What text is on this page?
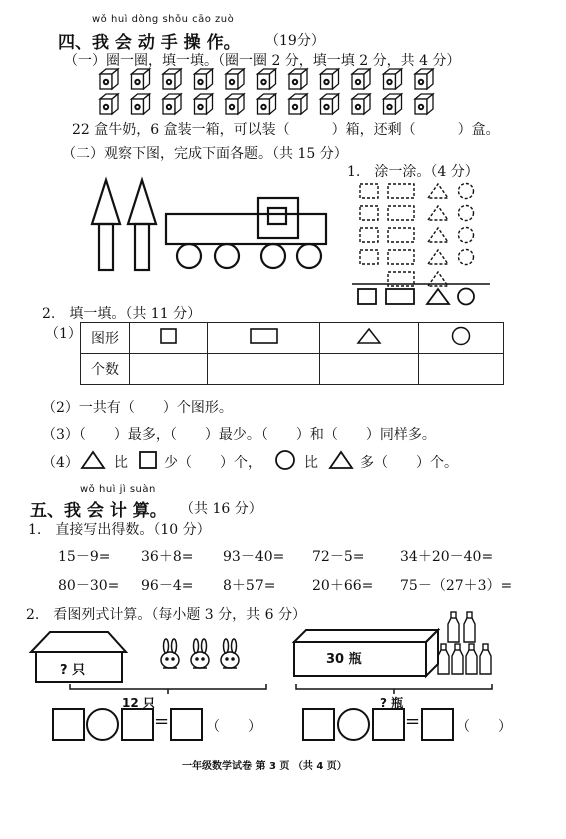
wǒ huì dòng shǒu cāo zuò
四、我 会 动 手 操 作。 （19分）
（一）圈一圈，填一填。（圈一圈 2 分，填一填 2 分，共 4 分）
22 盒牛奶，6 盒装一箱，可以装（　　　）箱，还剩（　　　）盒。
（二）观察下图，完成下面各题。（共 15 分）
1.　涂一涂。（4 分）
2.　填一填。（共 11 分）
（1） 图形				
个数				
（2）一共有（　　）个图形。
（3）（　　）最多，（　　）最少。（　　）和（　　）同样多。
（4）	比	少（　　）个，	比	多（　　）个。
wǒ huì jì suàn
五、我 会 计 算。 （共 16 分）
1.　直接写出得数。（10 分）
15－9= 36＋8= 93－40= 72－5=	34＋20－40=
80－30= 96－4= 8＋57=	20＋66= 75－（27＋3）=
2.　看图列式计算。（每小题 3 分，共 6 分）
? 只
12 只
=	（　　）
30 瓶
? 瓶
=	（　　）
一年级数学试卷 第 3 页 （共 4 页）
